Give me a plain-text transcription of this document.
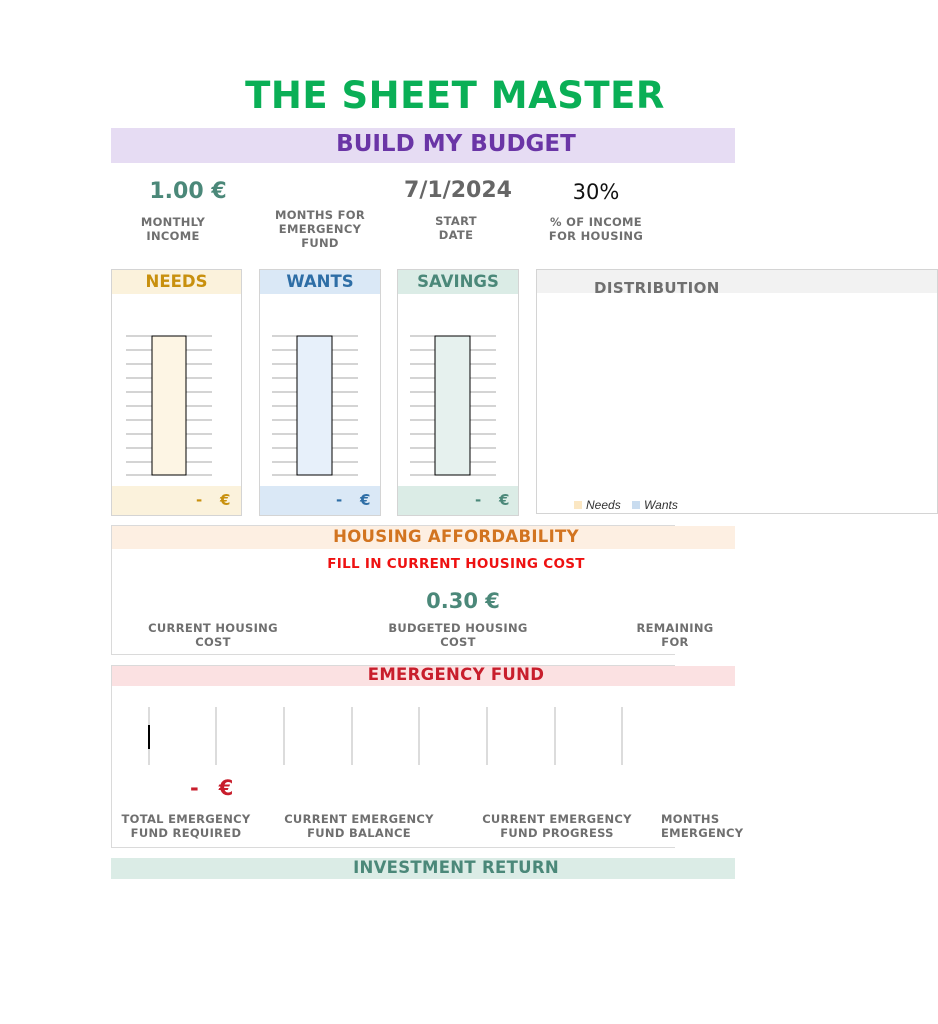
THE SHEET MASTER
BUILD MY BUDGET
1.00 €
MONTHLY
INCOME
MONTHS FOR
EMERGENCY
FUND
7/1/2024
START
DATE
30%
% OF INCOME
FOR HOUSING
NEEDS
- €
WANTS
- €
SAVINGS
- €
DISTRIBUTION
Needs Wants
HOUSING AFFORDABILITY
FILL IN CURRENT HOUSING COST
0.30 €
CURRENT HOUSING
COST
BUDGETED HOUSING
COST
REMAINING
FOR
EMERGENCY FUND
- €
TOTAL EMERGENCY
FUND REQUIRED
CURRENT EMERGENCY
FUND BALANCE
CURRENT EMERGENCY
FUND PROGRESS
MONTHS
EMERGENCY
INVESTMENT RETURN
